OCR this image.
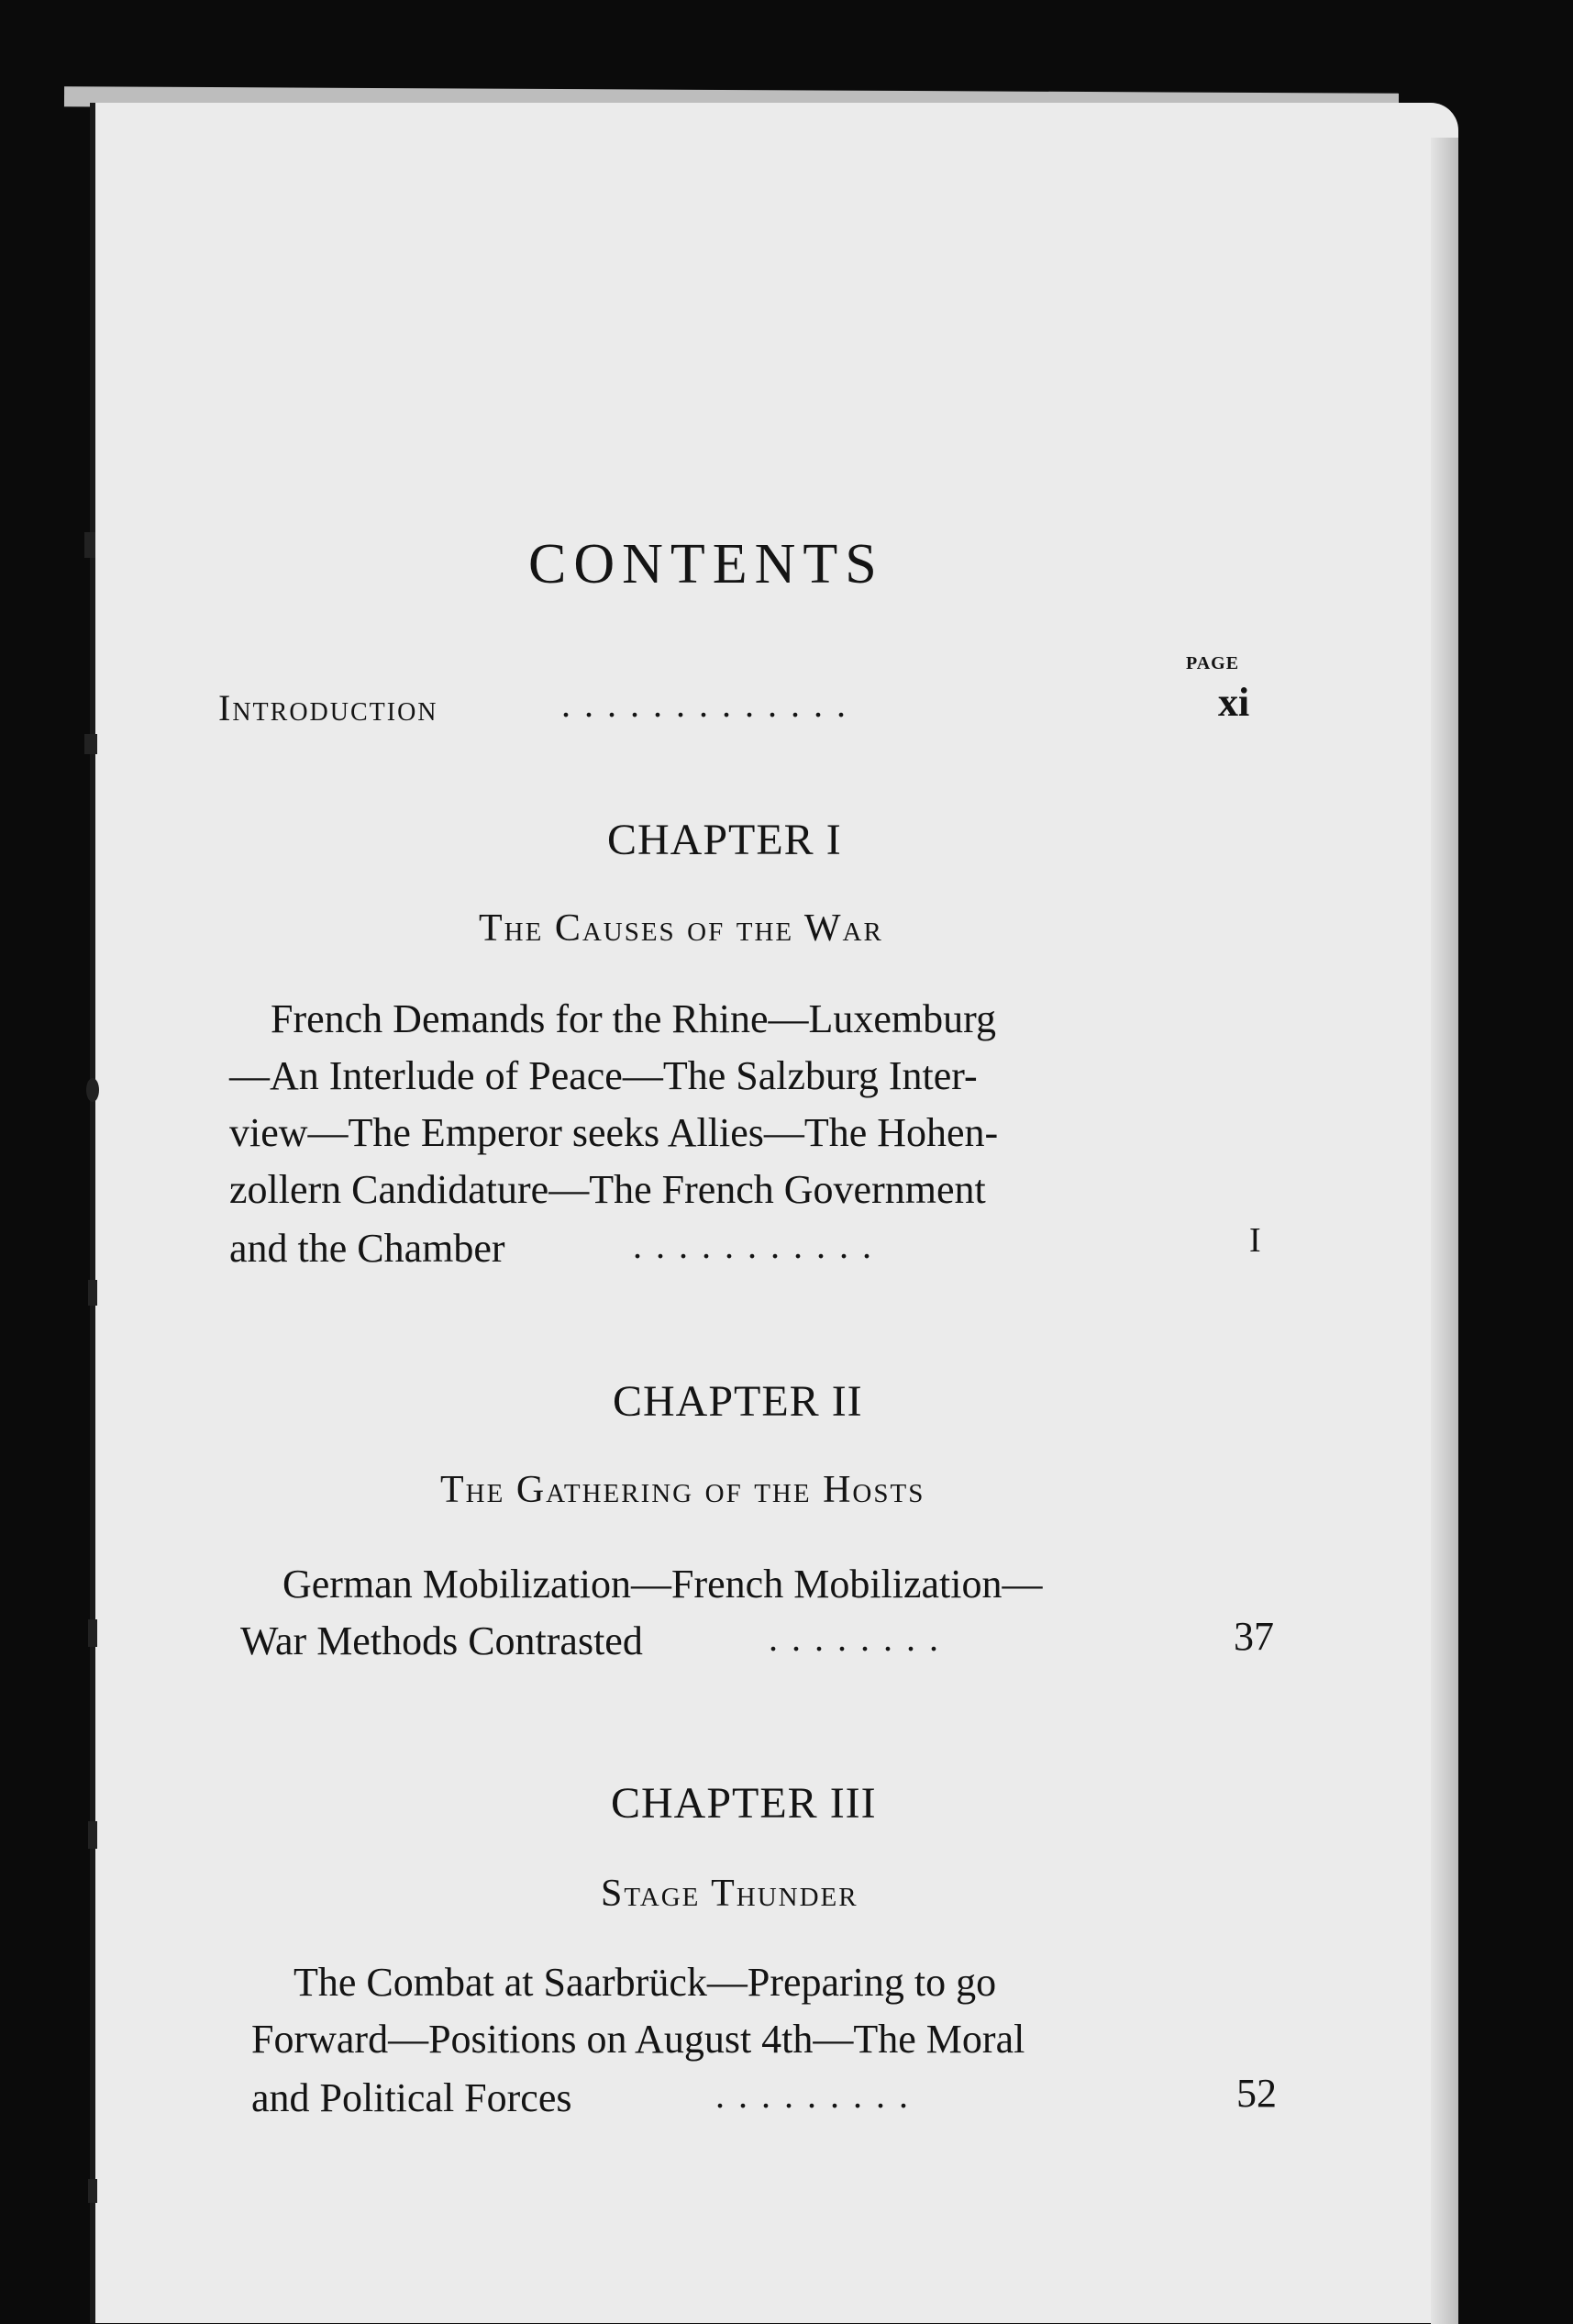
CONTENTS
PAGE
Introduction	.............	xi
CHAPTER I
The Causes of the War
French Demands for the Rhine—Luxemburg
—An Interlude of Peace—The Salzburg Inter-
view—The Emperor seeks Allies—The Hohen-
zollern Candidature—The French Government
and the Chamber	...........	I
CHAPTER II
The Gathering of the Hosts
German Mobilization—French Mobilization—
War Methods Contrasted	........	37
CHAPTER III
Stage Thunder
The Combat at Saarbrück—Preparing to go
Forward—Positions on August 4th—The Moral
and Political Forces	.........	52
